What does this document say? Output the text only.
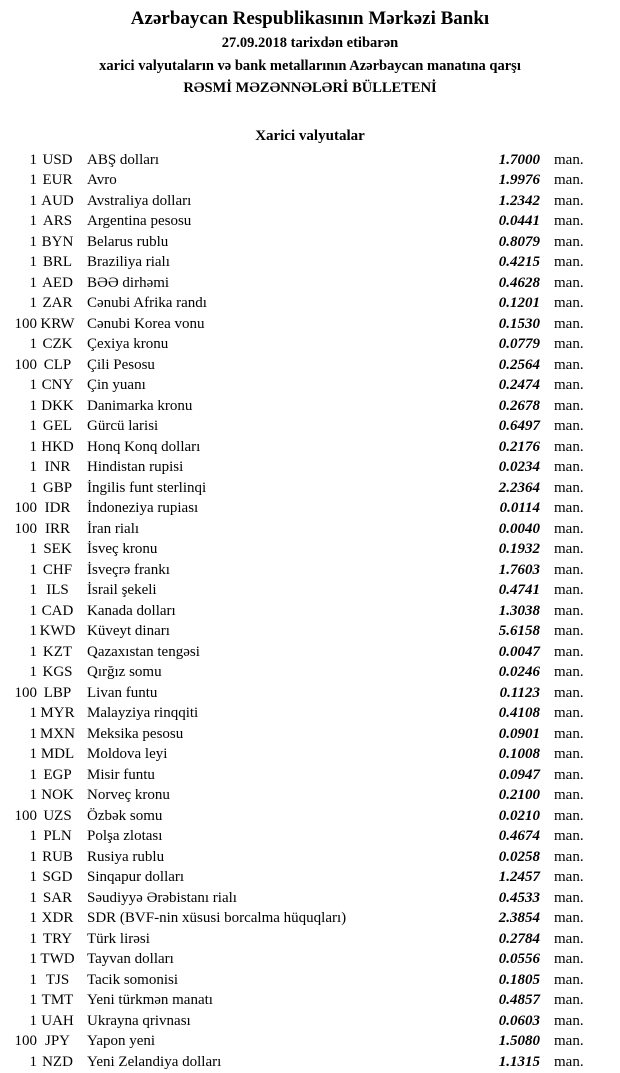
Azərbaycan Respublikasının Mərkəzi Bankı

27.09.2018 tarixdən etibarən

xarici valyutaların və bank metallarının Azərbaycan manatına qarşı

RƏSMİ MƏZƏNNƏLƏRİ BÜLLETENİ

Xarici valyutalar
1 USD ABŞ dolları	1.7000 man.
1 EUR Avro	1.9976 man.
1 AUD Avstraliya dolları	1.2342 man.
1 ARS Argentina pesosu	0.0441 man.
1 BYN Belarus rublu	0.8079 man.
1 BRL Braziliya rialı	0.4215 man.
1 AED BƏƏ dirhəmi	0.4628 man.
1 ZAR Cənubi Afrika randı	0.1201 man.
100 KRW Cənubi Korea vonu	0.1530 man.
1 CZK Çexiya kronu	0.0779 man.
100 CLP	Çili Pesosu	0.2564 man.
1 CNY Çin yuanı	0.2474 man.
1 DKK Danimarka kronu	0.2678 man.
1 GEL Gürcü larisi	0.6497 man.
1 HKD Honq Konq dolları	0.2176 man.
1 INR	Hindistan rupisi	0.0234 man.
1 GBP İngilis funt sterlinqi	2.2364 man.
100 IDR	İndoneziya rupiası	0.0114 man.
100 IRR	İran rialı	0.0040 man.
1 SEK	İsveç kronu	0.1932 man.
1 CHF İsveçrə frankı	1.7603 man.
1 ILS	İsrail şekeli	0.4741 man.
1 CAD Kanada dolları	1.3038 man.
1 KWD Küveyt dinarı	5.6158 man.
1 KZT Qazaxıstan tengəsi	0.0047 man.
1 KGS Qırğız somu	0.0246 man.
100 LBP	Livan funtu	0.1123 man.
1 MYR Malayziya rinqqiti	0.4108 man.
1 MXN Meksika pesosu	0.0901 man.
1 MDL Moldova leyi	0.1008 man.
1 EGP	Misir funtu	0.0947 man.
1 NOK Norveç kronu	0.2100 man.
100 UZS	Özbək somu	0.0210 man.
1 PLN	Polşa zlotası	0.4674 man.
1 RUB Rusiya rublu	0.0258 man.
1 SGD Sinqapur dolları	1.2457 man.
1 SAR Səudiyyə Ərəbistanı rialı	0.4533 man.
1 XDR SDR (BVF-nin xüsusi borcalma hüquqları)	2.3854 man.
1 TRY Türk lirəsi	0.2784 man.
1 TWD Tayvan dolları	0.0556 man.
1 TJS	Tacik somonisi	0.1805 man.
1 TMT Yeni türkmən manatı	0.4857 man.
1 UAH Ukrayna qrivnası	0.0603 man.
100 JPY	Yapon yeni	1.5080 man.
1 NZD Yeni Zelandiya dolları	1.1315 man.
